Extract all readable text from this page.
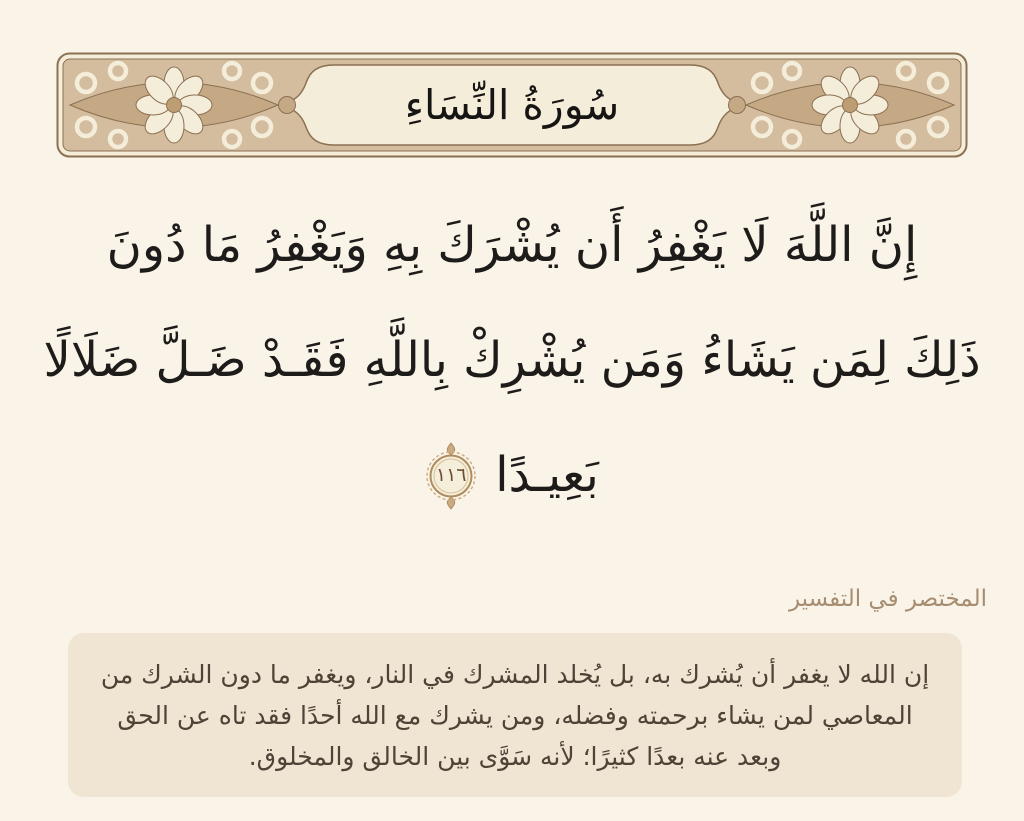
سُورَةُ النِّسَاءِ
إِنَّ اللَّهَ لَا يَغْفِرُ أَن يُشْرَكَ بِهِ وَيَغْفِرُ مَا دُونَ
ذَلِكَ لِمَن يَشَاءُ وَمَن يُشْرِكْ بِاللَّهِ فَقَـدْ ضَـلَّ ضَلَالًا
بَعِيـدًا
١١٦
المختصر في التفسير

إن الله لا يغفر أن يُشرك به، بل يُخلد المشرك في النار، ويغفر ما دون الشرك من المعاصي لمن يشاء برحمته وفضله، ومن يشرك مع الله أحدًا فقد تاه عن الحق وبعد عنه بعدًا كثيرًا؛ لأنه سَوَّى بين الخالق والمخلوق.
